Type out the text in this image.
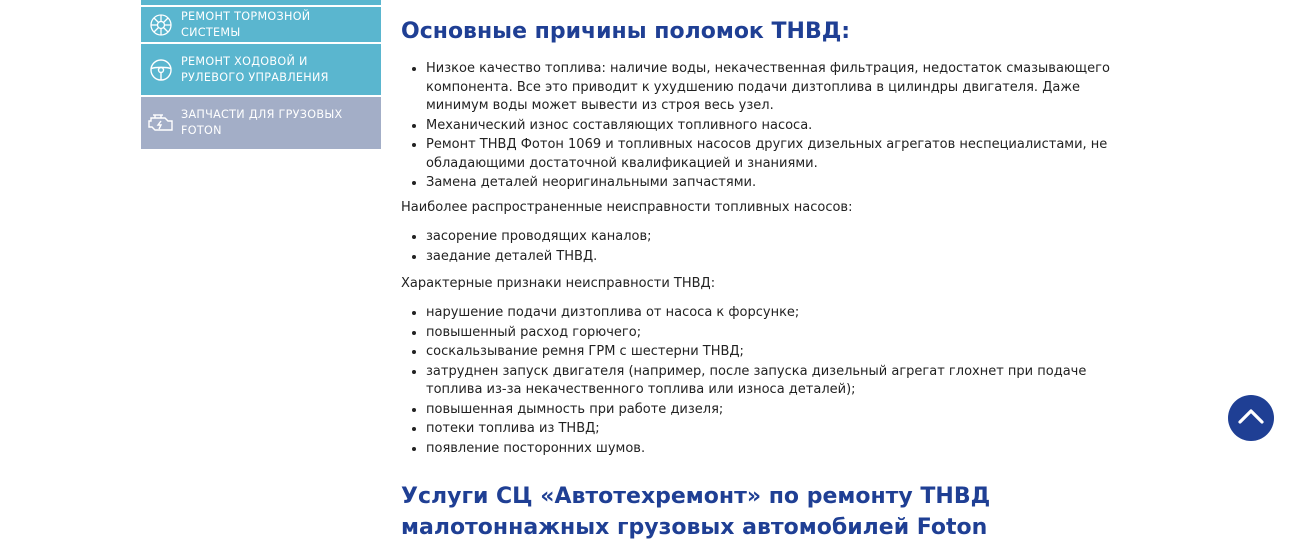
РЕМОНТ ТОРМОЗНОЙ СИСТЕМЫ
РЕМОНТ ХОДОВОЙ И РУЛЕВОГО УПРАВЛЕНИЯ
ЗАПЧАСТИ ДЛЯ ГРУЗОВЫХ FOTON
Основные причины поломок ТНВД:
• Низкое качество топлива: наличие воды, некачественная фильтрация, недостаток смазывающего компонента. Все это приводит к ухудшению подачи дизтоплива в цилиндры двигателя. Даже минимум воды может вывести из строя весь узел.
• Механический износ составляющих топливного насоса.
• Ремонт ТНВД Фотон 1069 и топливных насосов других дизельных агрегатов неспециалистами, не обладающими достаточной квалификацией и знаниями.
• Замена деталей неоригинальными запчастями.

Наиболее распространенные неисправности топливных насосов:

• засорение проводящих каналов;
• заедание деталей ТНВД.

Характерные признаки неисправности ТНВД:

• нарушение подачи дизтоплива от насоса к форсунке;
• повышенный расход горючего;
• соскальзывание ремня ГРМ с шестерни ТНВД;
• затруднен запуск двигателя (например, после запуска дизельный агрегат глохнет при подаче топлива из-за некачественного топлива или износа деталей);
• повышенная дымность при работе дизеля;
• потеки топлива из ТНВД;
• появление посторонних шумов.
Услуги СЦ «Автотехремонт» по ремонту ТНВД малотоннажных грузовых автомобилей Foton
